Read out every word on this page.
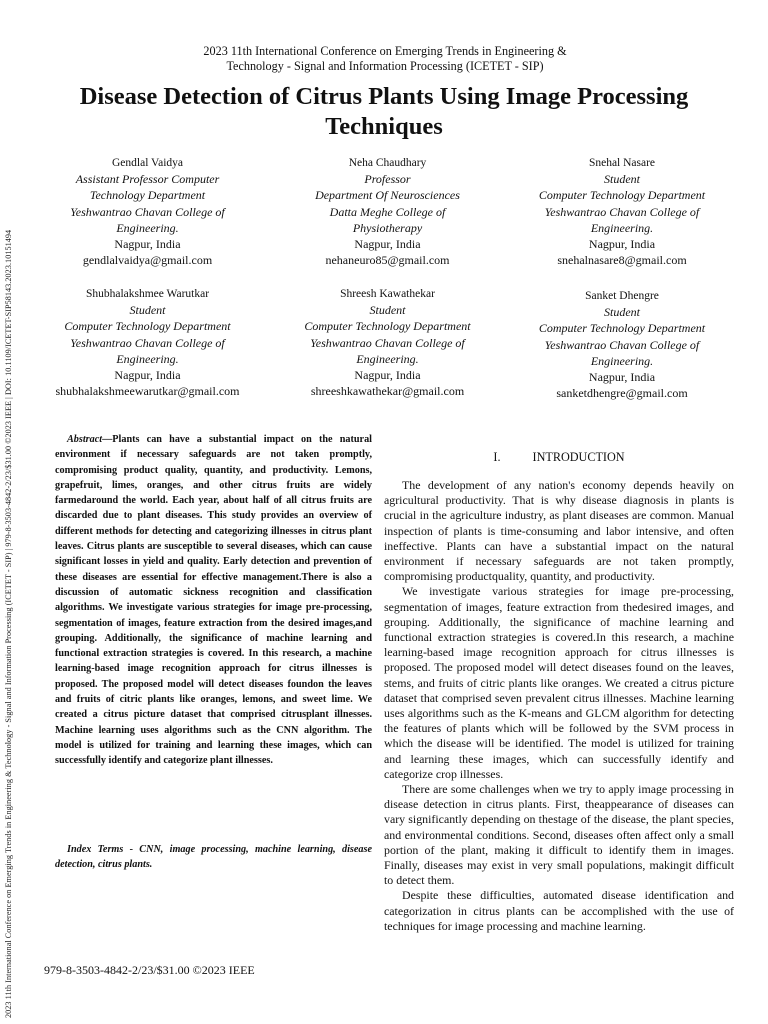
2023 11th International Conference on Emerging Trends in Engineering & Technology - Signal and Information Processing (ICETET - SIP) | 979-8-3503-4842-2/23/$31.00 ©2023 IEEE | DOI: 10.1109/ICETET-SIP58143.2023.10151494
2023 11th International Conference on Emerging Trends in Engineering &
Technology - Signal and Information Processing (ICETET - SIP)
Disease Detection of Citrus Plants Using Image Processing
Techniques
Gendlal Vaidya
Assistant Professor Computer
Technology Department
Yeshwantrao Chavan College of
Engineering.
Nagpur, India
gendlalvaidya@gmail.com
Neha Chaudhary
Professor
Department Of Neurosciences
Datta Meghe College of
Physiotherapy
Nagpur, India
nehaneuro85@gmail.com
Snehal Nasare
Student
Computer Technology Department
Yeshwantrao Chavan College of
Engineering.
Nagpur, India
snehalnasare8@gmail.com
Shubhalakshmee Warutkar
Student
Computer Technology Department
Yeshwantrao Chavan College of
Engineering.
Nagpur, India
shubhalakshmeewarutkar@gmail.com
Shreesh Kawathekar
Student
Computer Technology Department
Yeshwantrao Chavan College of
Engineering.
Nagpur, India
shreeshkawathekar@gmail.com
Sanket Dhengre
Student
Computer Technology Department
Yeshwantrao Chavan College of
Engineering.
Nagpur, India
sanketdhengre@gmail.com
Abstract—Plants can have a substantial impact on the natural environment if necessary safeguards are not taken promptly, compromising product quality, quantity, and productivity. Lemons, grapefruit, limes, oranges, and other citrus fruits are widely farmedaround the world. Each year, about half of all citrus fruits are discarded due to plant diseases. This study provides an overview of different methods for detecting and categorizing illnesses in citrus plant leaves. Citrus plants are susceptible to several diseases, which can cause significant losses in yield and quality. Early detection and prevention of these diseases are essential for effective management.There is also a discussion of automatic sickness recognition and classification algorithms. We investigate various strategies for image pre-processing, segmentation of images, feature extraction from the desired images,and grouping. Additionally, the significance of machine learning and functional extraction strategies is covered. In this research, a machine learning-based image recognition approach for citrus illnesses is proposed. The proposed model will detect diseases foundon the leaves and fruits of citric plants like oranges, lemons, and sweet lime. We created a citrus picture dataset that comprised citrusplant illnesses. Machine learning uses algorithms such as the CNN algorithm. The model is utilized for training and learning these images, which can successfully identify and categorize plant illnesses.
Index Terms - CNN, image processing, machine learning, disease detection, citrus plants.
I.	INTRODUCTION

The development of any nation's economy depends heavily on agricultural productivity. That is why disease diagnosis in plants is crucial in the agriculture industry, as plant diseases are common. Manual inspection of plants is time-consuming and labor intensive, and often ineffective. Plants can have a substantial impact on the natural environment if necessary safeguards are not taken promptly, compromising productquality, quantity, and productivity.

We investigate various strategies for image pre-processing, segmentation of images, feature extraction from thedesired images, and grouping. Additionally, the significance of machine learning and functional extraction strategies is covered.In this research, a machine learning-based image recognition approach for citrus illnesses is proposed. The proposed model will detect diseases found on the leaves, stems, and fruits of citric plants like oranges. We created a citrus picture dataset that comprised seven prevalent citrus illnesses. Machine learning uses algorithms such as the K-means and GLCM algorithm for detecting the features of plants which will be followed by the SVM process in which the disease will be identified. The model is utilized for training and learning these images, which can successfully identify and categorize crop illnesses.

There are some challenges when we try to apply image processing in disease detection in citrus plants. First, theappearance of diseases can vary significantly depending on thestage of the disease, the plant species, and environmental conditions. Second, diseases often affect only a small portion of the plant, making it difficult to identify them in images. Finally, diseases may exist in very small populations, makingit difficult to detect them.

Despite these difficulties, automated disease identification and categorization in citrus plants can be accomplished with the use of techniques for image processing and machine learning.

979-8-3503-4842-2/23/$31.00 ©2023 IEEE
